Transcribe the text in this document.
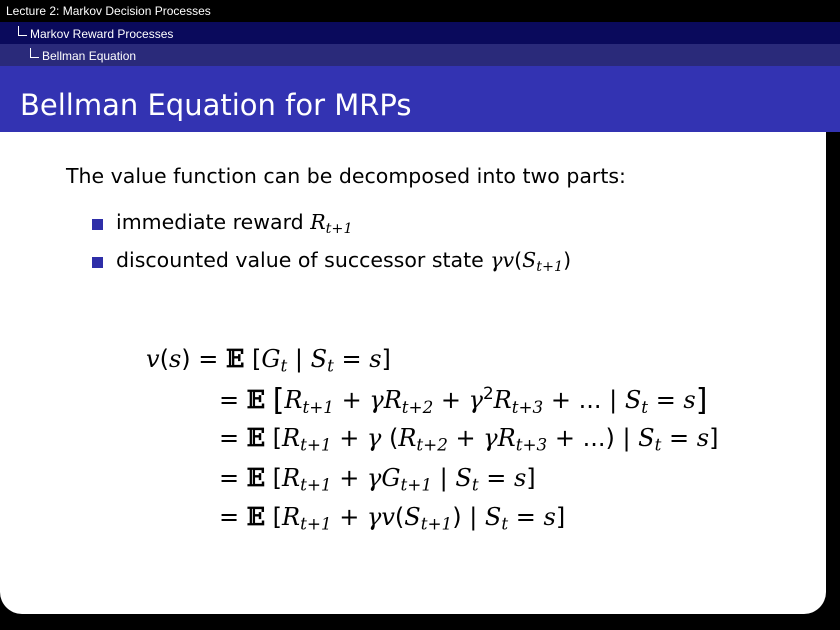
Lecture 2: Markov Decision Processes
Markov Reward Processes
Bellman Equation
Bellman Equation for MRPs
The value function can be decomposed into two parts:
immediate reward $R_{t+1}$
discounted value of successor state $\gamma v(S_{t+1})$
v(s) = 𝔼 [$G_t$ | $S_t = s$]
= 𝔼 [$R_{t+1} + \gamma R_{t+2} + \gamma^2R_{t+3}$ + ... | $S_t = s$]
= 𝔼 [$R_{t+1} + \gamma$ ($R_{t+2} + \gamma R_{t+3}$ + ...) | $S_t = s$]
= 𝔼 [$R_{t+1} + \gamma G_{t+1}$ | $S_t = s$]
= 𝔼 [$R_{t+1} + \gamma v(S_{t+1})$ | $S_t = s$]
